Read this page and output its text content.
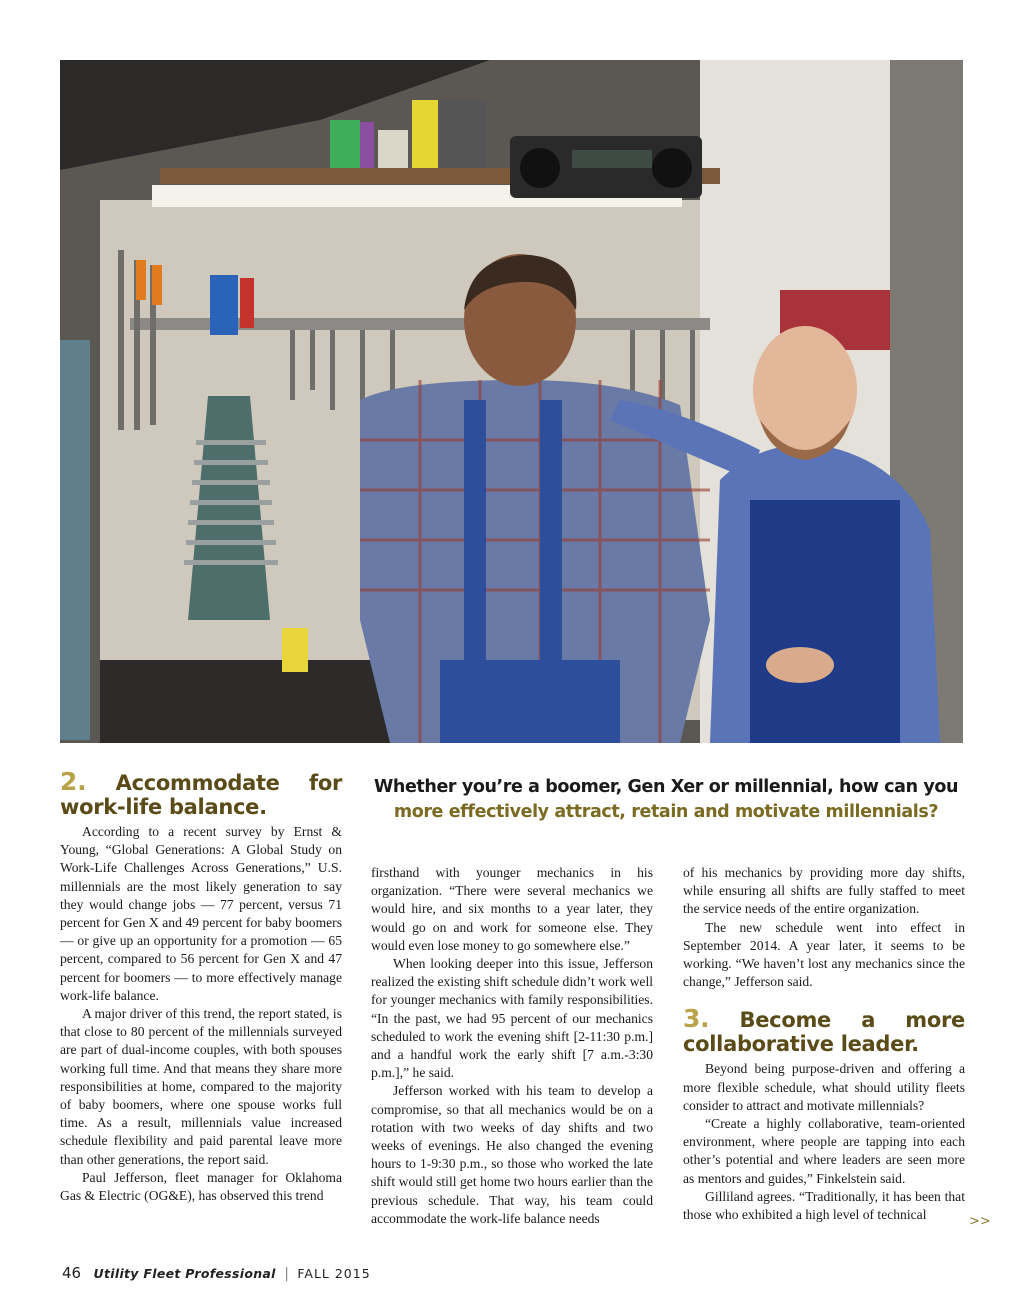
2. Accommodate for work-life balance.

According to a recent survey by Ernst & Young, “Global Generations: A Global Study on Work-Life Challenges Across Generations,” U.S. millennials are the most likely generation to say they would change jobs — 77 percent, versus 71 percent for Gen X and 49 percent for baby boomers — or give up an opportunity for a promotion — 65 percent, compared to 56 percent for Gen X and 47 percent for boomers — to more effectively manage work-life balance.

A major driver of this trend, the report stated, is that close to 80 percent of the millennials surveyed are part of dual-income couples, with both spouses working full time. And that means they share more responsibilities at home, compared to the majority of baby boomers, where one spouse works full time. As a result, millennials value increased schedule flexibility and paid parental leave more than other generations, the report said.

Paul Jefferson, fleet manager for Oklahoma Gas & Electric (OG&E), has observed this trend

Whether you’re a boomer, Gen Xer or millennial, how can you
more effectively attract, retain and motivate millennials?

firsthand with younger mechanics in his organization. “There were several mechanics we would hire, and six months to a year later, they would go on and work for someone else. They would even lose money to go somewhere else.”

When looking deeper into this issue, Jefferson realized the existing shift schedule didn’t work well for younger mechanics with family responsibilities. “In the past, we had 95 percent of our mechanics scheduled to work the evening shift [2-11:30 p.m.] and a handful work the early shift [7 a.m.-3:30 p.m.],” he said.

Jefferson worked with his team to develop a compromise, so that all mechanics would be on a rotation with two weeks of day shifts and two weeks of evenings. He also changed the evening hours to 1-9:30 p.m., so those who worked the late shift would still get home two hours earlier than the previous schedule. That way, his team could accommodate the work-life balance needs

of his mechanics by providing more day shifts, while ensuring all shifts are fully staffed to meet the service needs of the entire organization.

The new schedule went into effect in September 2014. A year later, it seems to be working. “We haven’t lost any mechanics since the change,” Jefferson said.

3. Become a more collaborative leader.

Beyond being purpose-driven and offering a more flexible schedule, what should utility fleets consider to attract and motivate millennials?

“Create a highly collaborative, team-oriented environment, where people are tapping into each other’s potential and where leaders are seen more as mentors and guides,” Finkelstein said.

Gilliland agrees. “Traditionally, it has been that those who exhibited a high level of technical	>>
46 Utility Fleet Professional | FALL 2015
